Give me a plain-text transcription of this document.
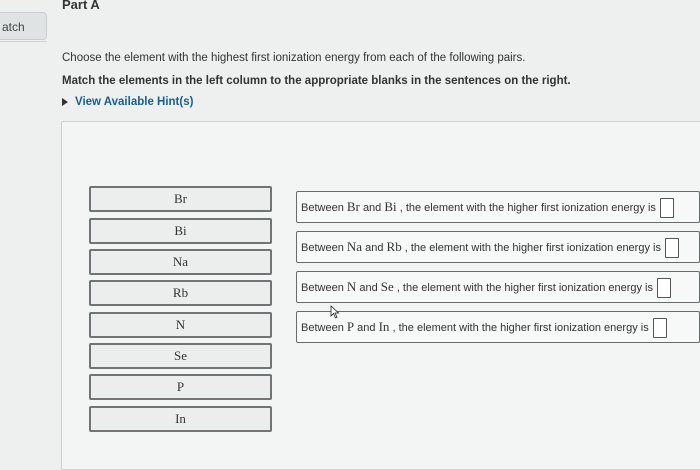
atch
Part A
Choose the element with the highest first ionization energy from each of the following pairs.
Match the elements in the left column to the appropriate blanks in the sentences on the right.
View Available Hint(s)
Br
Bi
Na
Rb
N
Se
P
In
Between Br and Bi , the element with the higher first ionization energy is
Between Na and Rb , the element with the higher first ionization energy is
Between N and Se , the element with the higher first ionization energy is
Between P and In , the element with the higher first ionization energy is
